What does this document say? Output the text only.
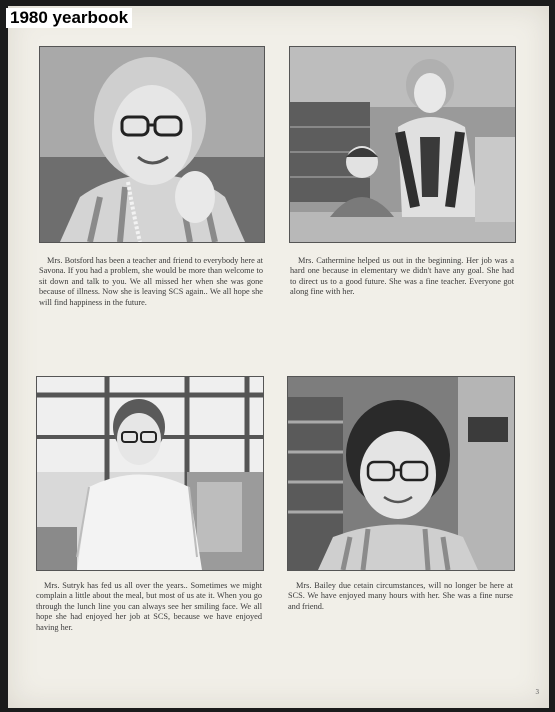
Mrs. Botsford has been a teacher and friend to everybody here at Savona. If you had a problem, she would be more than welcome to sit down and talk to you. We all missed her when she was gone because of illness. Now she is leaving SCS again.. We all hope she will find happiness in the future.
Mrs. Cathermine helped us out in the beginning. Her job was a hard one because in elementary we didn't have any goal. She had to direct us to a good future. She was a fine teacher. Everyone got along fine with her.
Mrs. Sutryk has fed us all over the years.. Sometimes we might complain a little about the meal, but most of us ate it. When you go through the lunch line you can always see her smiling face. We all hope she had enjoyed her job at SCS, because we have enjoyed having her.
Mrs. Bailey due cetain circumstances, will no longer be here at SCS. We have enjoyed many hours with her. She was a fine nurse and friend.
3
1980 yearbook
